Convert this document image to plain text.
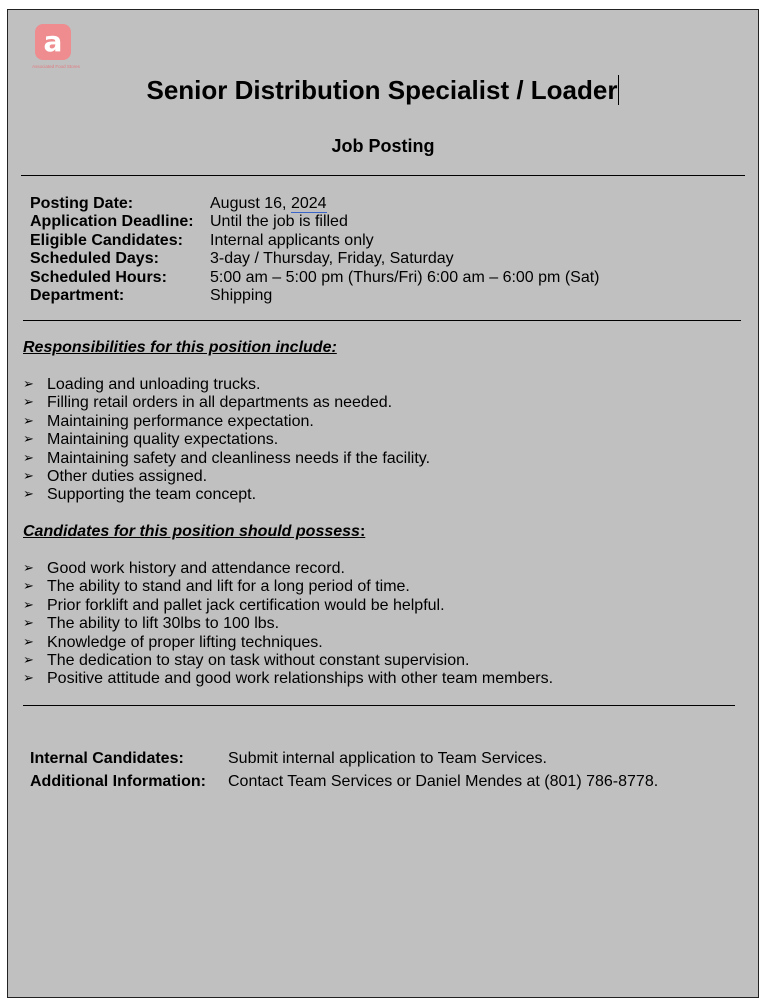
a
Associated Food Stores
Senior Distribution Specialist / Loader
Job Posting
Posting Date:	August 16, 2024
Application Deadline:	Until the job is filled
Eligible Candidates:	Internal applicants only
Scheduled Days:	3-day / Thursday, Friday, Saturday
Scheduled Hours:	5:00 am – 5:00 pm (Thurs/Fri) 6:00 am – 6:00 pm (Sat)
Department:	Shipping
Responsibilities for this position include:
➢ Loading and unloading trucks.
➢ Filling retail orders in all departments as needed.
➢ Maintaining performance expectation.
➢ Maintaining quality expectations.
➢ Maintaining safety and cleanliness needs if the facility.
➢ Other duties assigned.
➢ Supporting the team concept.
Candidates for this position should possess:
➢ Good work history and attendance record.
➢ The ability to stand and lift for a long period of time.
➢ Prior forklift and pallet jack certification would be helpful.
➢ The ability to lift 30lbs to 100 lbs.
➢ Knowledge of proper lifting techniques.
➢ The dedication to stay on task without constant supervision.
➢ Positive attitude and good work relationships with other team members.
Internal Candidates:	Submit internal application to Team Services.
Additional Information:	Contact Team Services or Daniel Mendes at (801) 786-8778.
